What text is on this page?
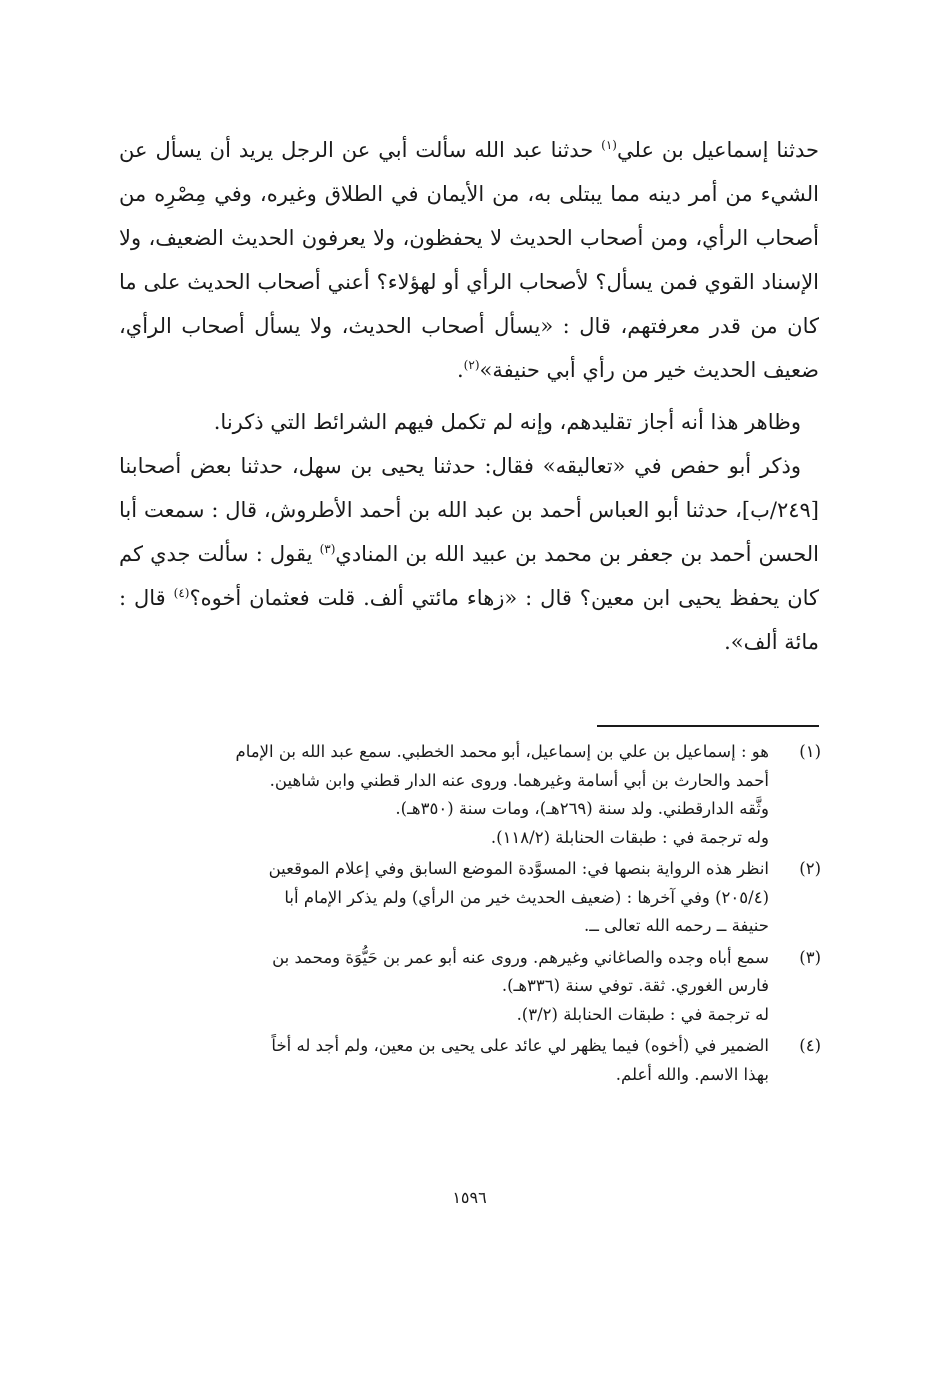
حدثنا إسماعيل بن علي$^{(١)}$ حدثنا عبد الله سألت أبي عن الرجل يريد أن يسأل عن الشيء من أمر دينه مما يبتلى به، من الأيمان في الطلاق وغيره، وفي مِصْرِه من أصحاب الرأي، ومن أصحاب الحديث لا يحفظون، ولا يعرفون الحديث الضعيف، ولا الإسناد القوي فمن يسأل؟ لأصحاب الرأي أو لهؤلاء؟ أعني أصحاب الحديث على ما كان من قدر معرفتهم، قال : «يسأل أصحاب الحديث، ولا يسأل أصحاب الرأي، ضعيف الحديث خير من رأي أبي حنيفة»$^{(٢)}$.

وظاهر هذا أنه أجاز تقليدهم، وإنه لم تكمل فيهم الشرائط التي ذكرنا.

وذكر أبو حفص في «تعاليقه» فقال: حدثنا يحيى بن سهل، حدثنا بعض أصحابنا [٢٤٩/ب]، حدثنا أبو العباس أحمد بن عبد الله بن أحمد الأطروش، قال : سمعت أبا الحسن أحمد بن جعفر بن محمد بن عبيد الله بن المنادي$^{(٣)}$ يقول : سألت جدي كم كان يحفظ يحيى ابن معين؟ قال : «زهاء مائتي ألف. قلت فعثمان أخوه؟$^{(٤)}$ قال : مائة ألف».

(١)
هو : إسماعيل بن علي بن إسماعيل، أبو محمد الخطبي. سمع عبد الله بن الإمام
أحمد والحارث بن أبي أسامة وغيرهما. وروى عنه الدار قطني وابن شاهين.
وثَّقه الدارقطني. ولد سنة (٢٦٩هـ)، ومات سنة (٣٥٠هـ).
وله ترجمة في : طبقات الحنابلة (١١٨/٢).
(٢)
انظر هذه الرواية بنصها في: المسوَّدة الموضع السابق وفي إعلام الموقعين
(٢٠٥/٤) وفي آخرها : (ضعيف الحديث خير من الرأي) ولم يذكر الإمام أبا
حنيفة ــ رحمه الله تعالى ــ.
(٣)
سمع أباه وجده والصاغاني وغيرهم. وروى عنه أبو عمر بن حَيُّوَة ومحمد بن
فارس الغوري. ثقة. توفي سنة (٣٣٦هـ).
له ترجمة في : طبقات الحنابلة (٣/٢).
(٤)
الضمير في (أخوه) فيما يظهر لي عائد على يحيى بن معين، ولم أجد له أخاً
بهذا الاسم. والله أعلم.
١٥٩٦
